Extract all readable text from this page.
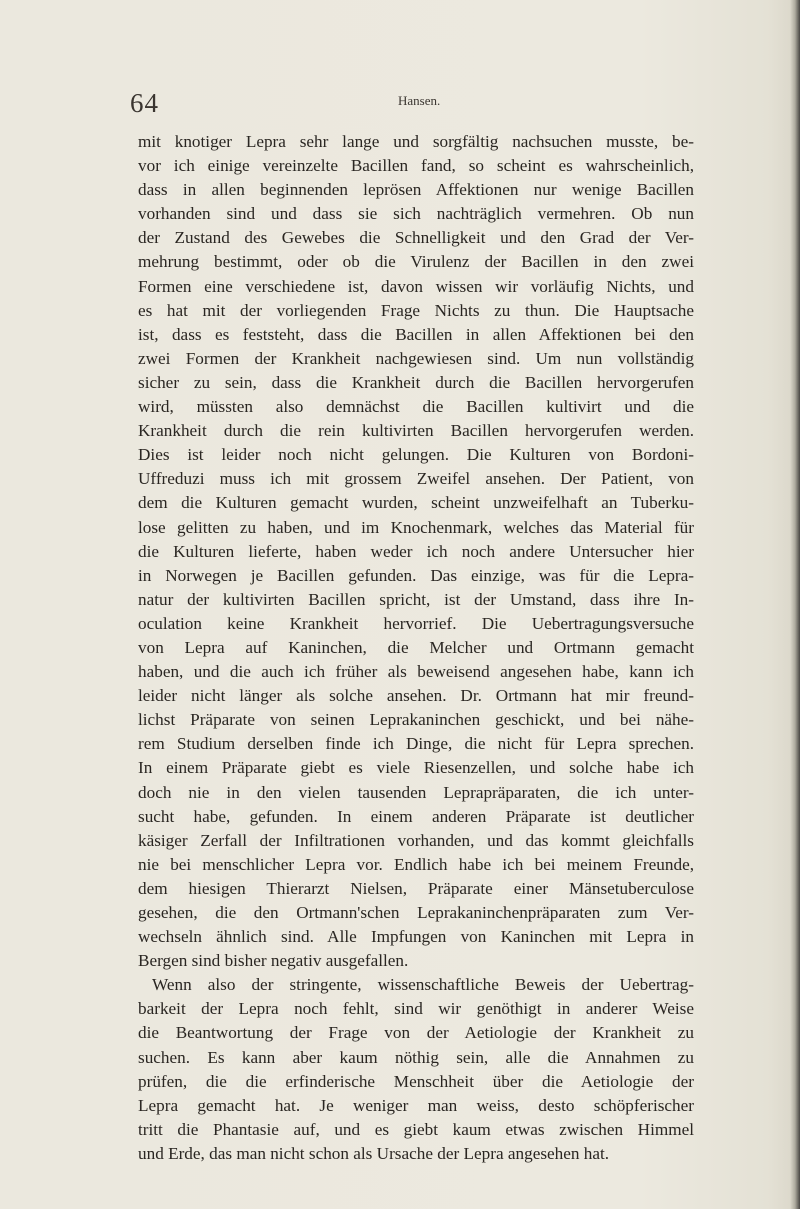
64	Hansen.
mit knotiger Lepra sehr lange und sorgfältig nachsuchen musste, be-
vor ich einige vereinzelte Bacillen fand, so scheint es wahrscheinlich,
dass in allen beginnenden leprösen Affektionen nur wenige Bacillen
vorhanden sind und dass sie sich nachträglich vermehren. Ob nun
der Zustand des Gewebes die Schnelligkeit und den Grad der Ver-
mehrung bestimmt, oder ob die Virulenz der Bacillen in den zwei
Formen eine verschiedene ist, davon wissen wir vorläufig Nichts, und
es hat mit der vorliegenden Frage Nichts zu thun. Die Hauptsache
ist, dass es feststeht, dass die Bacillen in allen Affektionen bei den
zwei Formen der Krankheit nachgewiesen sind. Um nun vollständig
sicher zu sein, dass die Krankheit durch die Bacillen hervorgerufen
wird, müssten also demnächst die Bacillen kultivirt und die
Krankheit durch die rein kultivirten Bacillen hervorgerufen werden.
Dies ist leider noch nicht gelungen. Die Kulturen von Bordoni-
Uffreduzi muss ich mit grossem Zweifel ansehen. Der Patient, von
dem die Kulturen gemacht wurden, scheint unzweifelhaft an Tuberku-
lose gelitten zu haben, und im Knochenmark, welches das Material für
die Kulturen lieferte, haben weder ich noch andere Untersucher hier
in Norwegen je Bacillen gefunden. Das einzige, was für die Lepra-
natur der kultivirten Bacillen spricht, ist der Umstand, dass ihre In-
oculation keine Krankheit hervorrief. Die Uebertragungsversuche
von Lepra auf Kaninchen, die Melcher und Ortmann gemacht
haben, und die auch ich früher als beweisend angesehen habe, kann ich
leider nicht länger als solche ansehen. Dr. Ortmann hat mir freund-
lichst Präparate von seinen Leprakaninchen geschickt, und bei nähe-
rem Studium derselben finde ich Dinge, die nicht für Lepra sprechen.
In einem Präparate giebt es viele Riesenzellen, und solche habe ich
doch nie in den vielen tausenden Leprapräparaten, die ich unter-
sucht habe, gefunden. In einem anderen Präparate ist deutlicher
käsiger Zerfall der Infiltrationen vorhanden, und das kommt gleichfalls
nie bei menschlicher Lepra vor. Endlich habe ich bei meinem Freunde,
dem hiesigen Thierarzt Nielsen, Präparate einer Mänsetuberculose
gesehen, die den Ortmann'schen Leprakaninchenpräparaten zum Ver-
wechseln ähnlich sind. Alle Impfungen von Kaninchen mit Lepra in
Bergen sind bisher negativ ausgefallen.
Wenn also der stringente, wissenschaftliche Beweis der Uebertrag-
barkeit der Lepra noch fehlt, sind wir genöthigt in anderer Weise
die Beantwortung der Frage von der Aetiologie der Krankheit zu
suchen. Es kann aber kaum nöthig sein, alle die Annahmen zu
prüfen, die die erfinderische Menschheit über die Aetiologie der
Lepra gemacht hat. Je weniger man weiss, desto schöpferischer
tritt die Phantasie auf, und es giebt kaum etwas zwischen Himmel
und Erde, das man nicht schon als Ursache der Lepra angesehen hat.
